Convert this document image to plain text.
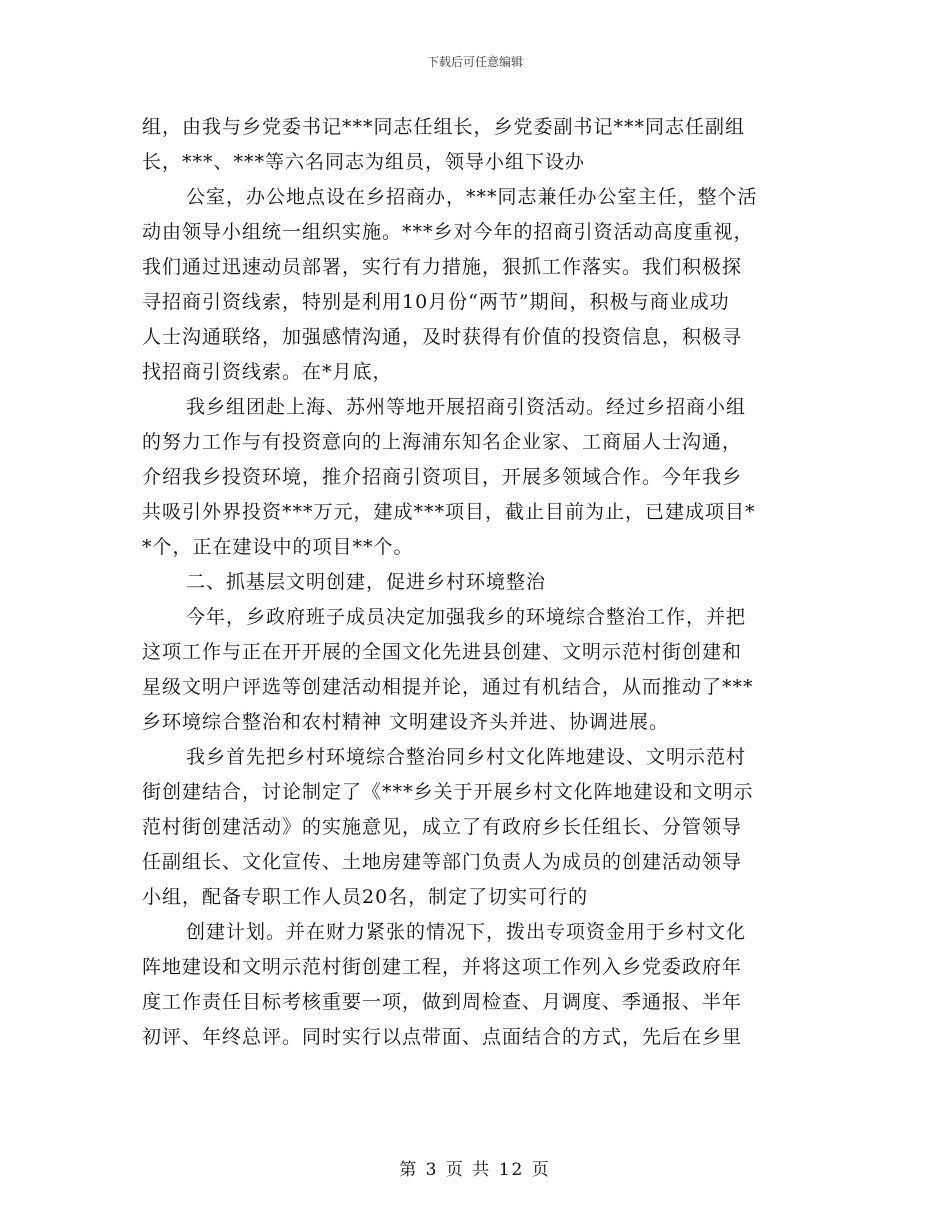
下载后可任意编辑
组，由我与乡党委书记***同志任组长，乡党委副书记***同志任副组
长，***、***等六名同志为组员，领导小组下设办
公室，办公地点设在乡招商办，***同志兼任办公室主任，整个活
动由领导小组统一组织实施。***乡对今年的招商引资活动高度重视，
我们通过迅速动员部署，实行有力措施，狠抓工作落实。我们积极探
寻招商引资线索，特别是利用10月份“两节”期间，积极与商业成功
人士沟通联络，加强感情沟通，及时获得有价值的投资信息，积极寻
找招商引资线索。在*月底，
我乡组团赴上海、苏州等地开展招商引资活动。经过乡招商小组
的努力工作与有投资意向的上海浦东知名企业家、工商届人士沟通，
介绍我乡投资环境，推介招商引资项目，开展多领域合作。今年我乡
共吸引外界投资***万元，建成***项目，截止目前为止，已建成项目*
*个，正在建设中的项目**个。
二、抓基层文明创建，促进乡村环境整治
今年，乡政府班子成员决定加强我乡的环境综合整治工作，并把
这项工作与正在开开展的全国文化先进县创建、文明示范村街创建和
星级文明户评选等创建活动相提并论，通过有机结合，从而推动了***
乡环境综合整治和农村精神 文明建设齐头并进、协调进展。
我乡首先把乡村环境综合整治同乡村文化阵地建设、文明示范村
街创建结合，讨论制定了《***乡关于开展乡村文化阵地建设和文明示
范村街创建活动》的实施意见，成立了有政府乡长任组长、分管领导
任副组长、文化宣传、土地房建等部门负责人为成员的创建活动领导
小组，配备专职工作人员20名，制定了切实可行的
创建计划。并在财力紧张的情况下，拨出专项资金用于乡村文化
阵地建设和文明示范村街创建工程，并将这项工作列入乡党委政府年
度工作责任目标考核重要一项，做到周检查、月调度、季通报、半年
初评、年终总评。同时实行以点带面、点面结合的方式，先后在乡里
第 3 页 共 12 页
